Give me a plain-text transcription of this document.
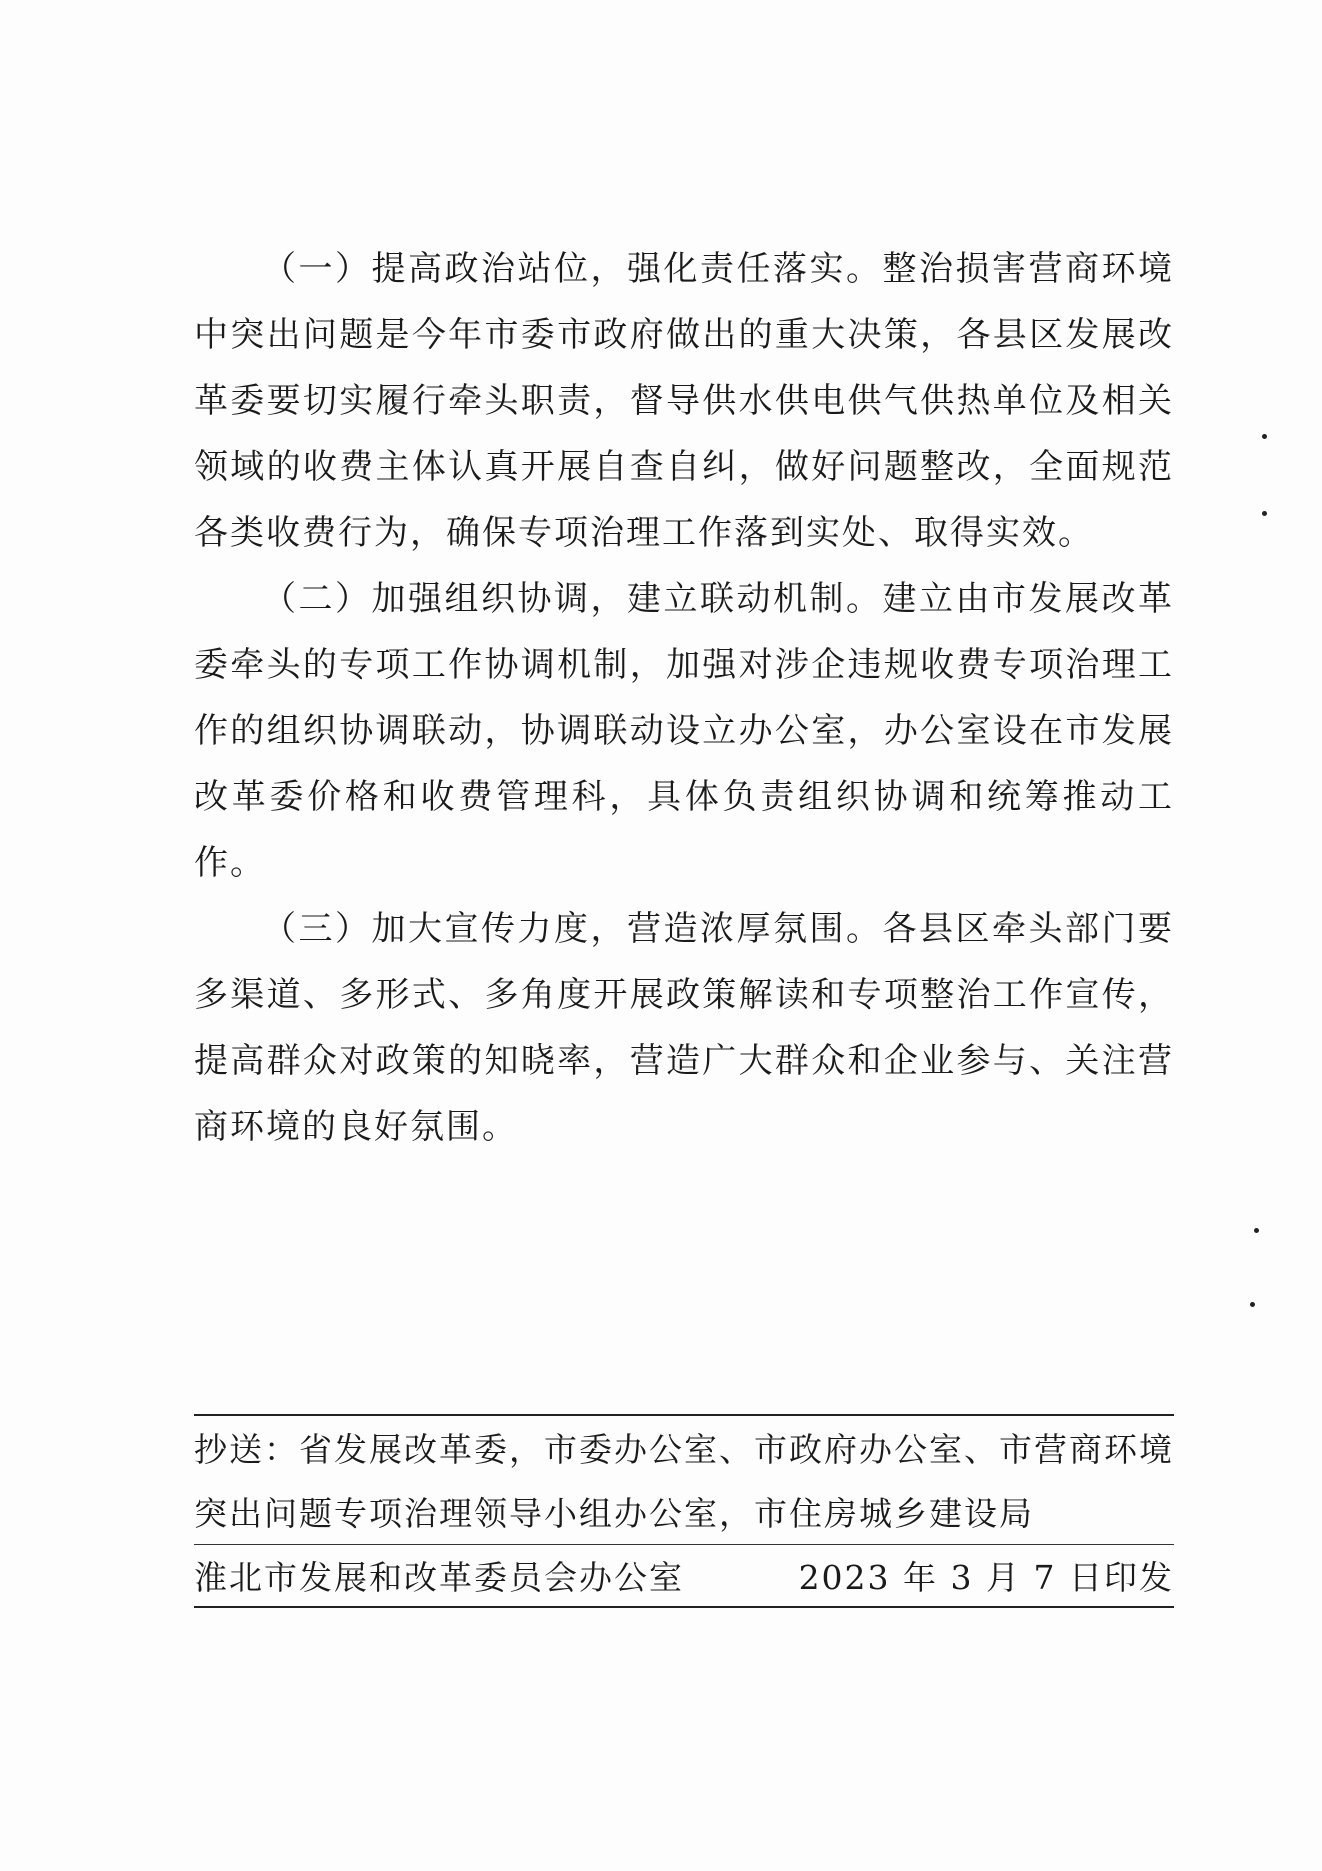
（一）提高政治站位，强化责任落实。整治损害营商环境中突出问题是今年市委市政府做出的重大决策，各县区发展改革委要切实履行牵头职责，督导供水供电供气供热单位及相关领域的收费主体认真开展自查自纠，做好问题整改，全面规范各类收费行为，确保专项治理工作落到实处、取得实效。

（二）加强组织协调，建立联动机制。建立由市发展改革委牵头的专项工作协调机制，加强对涉企违规收费专项治理工作的组织协调联动，协调联动设立办公室，办公室设在市发展改革委价格和收费管理科，具体负责组织协调和统筹推动工作。

（三）加大宣传力度，营造浓厚氛围。各县区牵头部门要多渠道、多形式、多角度开展政策解读和专项整治工作宣传，提高群众对政策的知晓率，营造广大群众和企业参与、关注营商环境的良好氛围。

抄送：省发展改革委，市委办公室、市政府办公室、市营商环境
突出问题专项治理领导小组办公室，市住房城乡建设局
淮北市发展和改革委员会办公室	2023 年 3 月 7 日印发
